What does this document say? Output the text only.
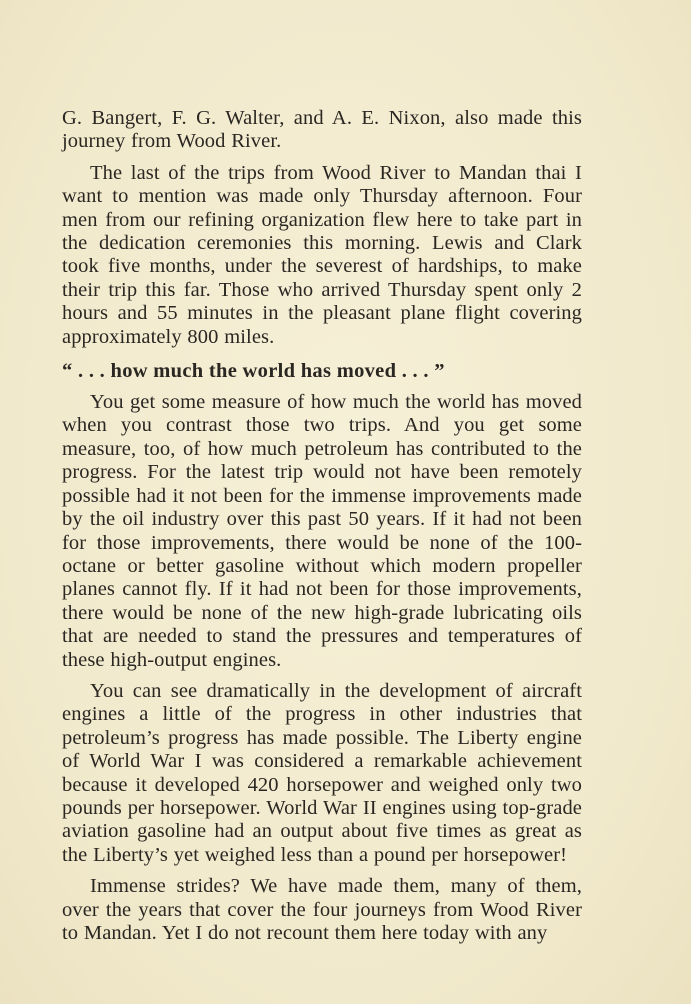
G. Bangert, F. G. Walter, and A. E. Nixon, also made this journey from Wood River.

The last of the trips from Wood River to Mandan thai I want to mention was made only Thursday afternoon. Four men from our refining organization flew here to take part in the dedication ceremonies this morning. Lewis and Clark took five months, under the severest of hardships, to make their trip this far. Those who arrived Thursday spent only 2 hours and 55 minutes in the pleasant plane flight covering approximately 800 miles.

“ . . . how much the world has moved . . . ”

You get some measure of how much the world has moved when you contrast those two trips. And you get some measure, too, of how much petroleum has contributed to the progress. For the latest trip would not have been remotely possible had it not been for the immense improvements made by the oil industry over this past 50 years. If it had not been for those improvements, there would be none of the 100-octane or better gasoline without which modern propeller planes cannot fly. If it had not been for those improvements, there would be none of the new high-grade lubricating oils that are needed to stand the pressures and temperatures of these high-output engines.

You can see dramatically in the development of aircraft engines a little of the progress in other industries that petroleum’s progress has made possible. The Liberty engine of World War I was considered a remarkable achievement because it developed 420 horsepower and weighed only two pounds per horsepower. World War II engines using top-grade aviation gasoline had an output about five times as great as the Liberty’s yet weighed less than a pound per horsepower!

Immense strides? We have made them, many of them, over the years that cover the four journeys from Wood River to Mandan. Yet I do not recount them here today with any
